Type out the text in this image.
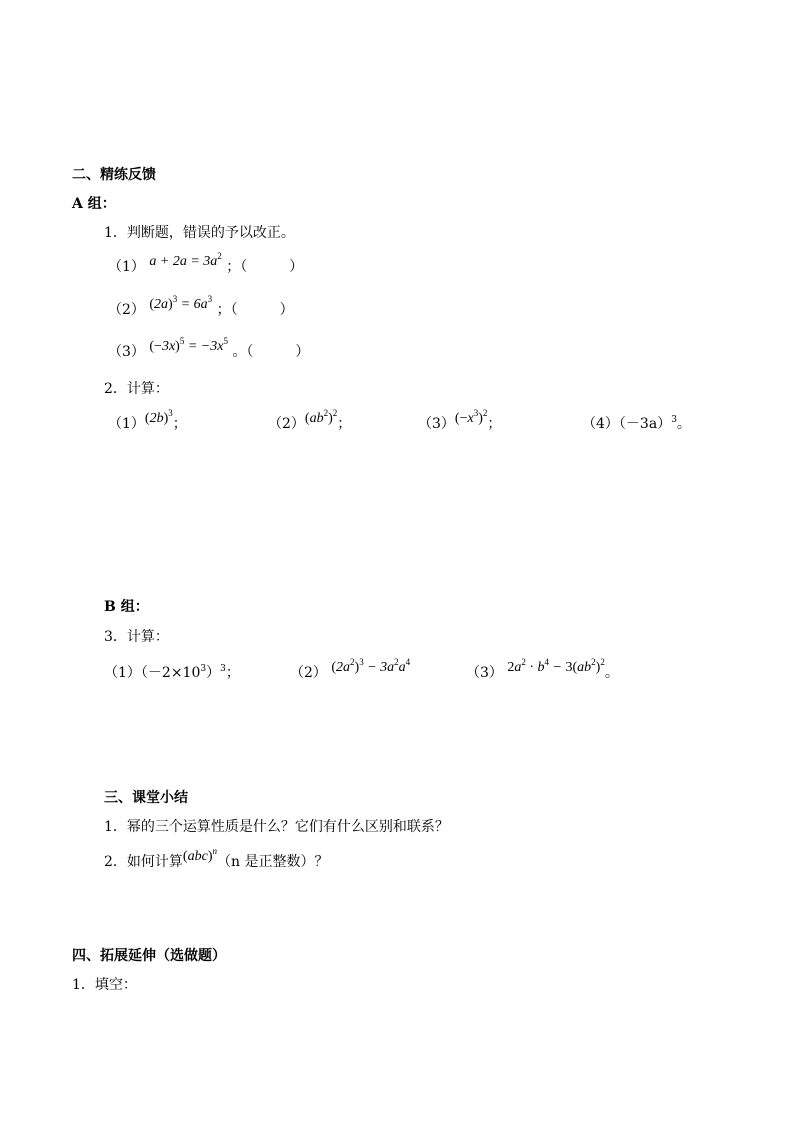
二、精练反馈
A 组：
1．判断题，错误的予以改正。
（1） $a + 2a = 3a^2$ ；（　　　）
（2） $(2a)^3 = 6a^3$ ；（　　　）
（3） $(-3x)^5 = -3x^5$ 。（　　　）
2．计算：
$(1)(2b)^3$；	$(2)(ab^2)^2$；	$(3)(-x^3)^2$；	$(4)(-3a)^3$。
B 组：
3．计算：
$(1)(-2\times 10^3)^3$；	（2） $(2a^2)^3 - 3a^2a^4$
（3） $2a^2 \cdot b^4 - 3(ab^2)^2$。
三、课堂小结
1．幂的三个运算性质是什么？它们有什么区别和联系？
2．如何计算(abc)$^n$（n 是正整数）？
四、拓展延伸（选做题）
1．填空：
